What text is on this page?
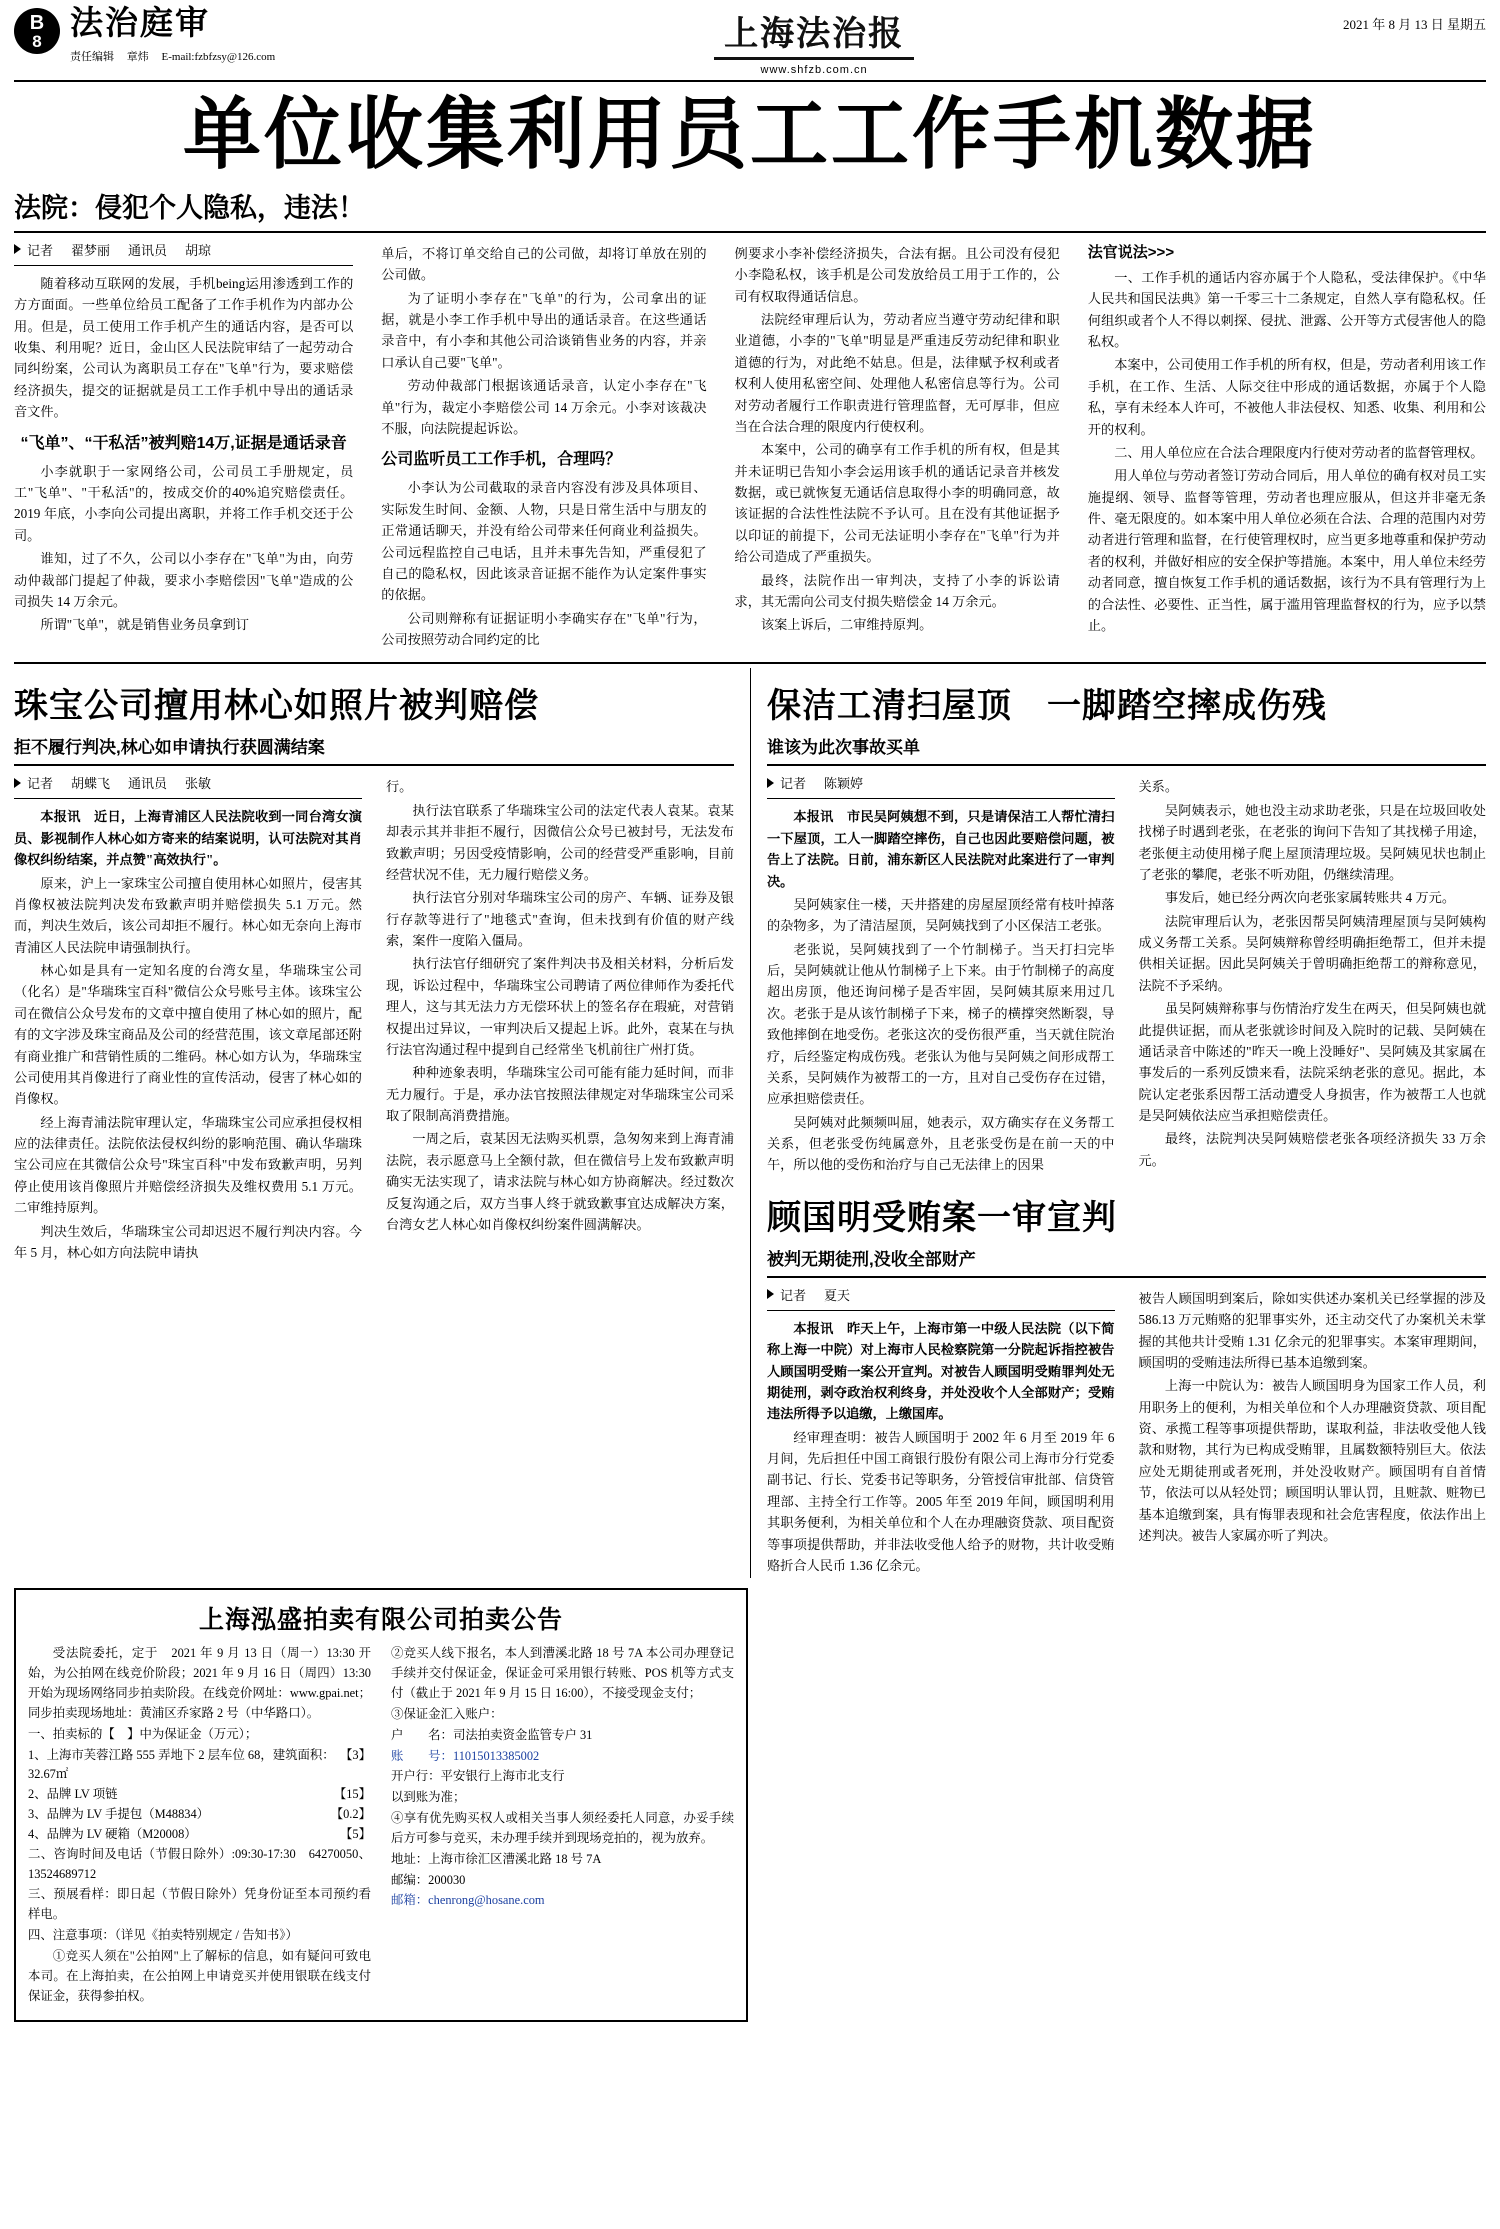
B
8 法治庭审
责任编辑 章炜 E-mail:fzbfzsy@126.com
上海法治报
www.shfzb.com.cn
2021 年 8 月 13 日 星期五
单位收集利用员工工作手机数据
法院：侵犯个人隐私，违法！
记者 翟梦丽 通讯员 胡琼

随着移动互联网的发展，手机being运用渗透到工作的方方面面。一些单位给员工配备了工作手机作为内部办公用。但是，员工使用工作手机产生的通话内容，是否可以收集、利用呢？近日，金山区人民法院审结了一起劳动合同纠纷案，公司认为离职员工存在"飞单"行为，要求赔偿经济损失，提交的证据就是员工工作手机中导出的通话录音文件。

“飞单”、“干私活”被判赔14万,证据是通话录音

小李就职于一家网络公司，公司员工手册规定，员工"飞单"、"干私活"的，按成交价的40%追究赔偿责任。2019 年底，小李向公司提出离职，并将工作手机交还于公司。

谁知，过了不久，公司以小李存在"飞单"为由，向劳动仲裁部门提起了仲裁，要求小李赔偿因"飞单"造成的公司损失 14 万余元。

所谓"飞单"，就是销售业务员拿到订

单后，不将订单交给自己的公司做，却将订单放在别的公司做。

为了证明小李存在"飞单"的行为，公司拿出的证据，就是小李工作手机中导出的通话录音。在这些通话录音中，有小李和其他公司洽谈销售业务的内容，并亲口承认自己要"飞单"。

劳动仲裁部门根据该通话录音，认定小李存在"飞单"行为，裁定小李赔偿公司 14 万余元。小李对该裁决不服，向法院提起诉讼。

公司监听员工工作手机，合理吗？

小李认为公司截取的录音内容没有涉及具体项目、实际发生时间、金额、人物，只是日常生活中与朋友的正常通话聊天，并没有给公司带来任何商业利益损失。公司远程监控自己电话，且并未事先告知，严重侵犯了自己的隐私权，因此该录音证据不能作为认定案件事实的依据。

公司则辩称有证据证明小李确实存在"飞单"行为，公司按照劳动合同约定的比

例要求小李补偿经济损失，合法有据。且公司没有侵犯小李隐私权，该手机是公司发放给员工用于工作的，公司有权取得通话信息。

法院经审理后认为，劳动者应当遵守劳动纪律和职业道德，小李的"飞单"明显是严重违反劳动纪律和职业道德的行为，对此绝不姑息。但是，法律赋予权利或者权利人使用私密空间、处理他人私密信息等行为。公司对劳动者履行工作职责进行管理监督，无可厚非，但应当在合法合理的限度内行使权利。

本案中，公司的确享有工作手机的所有权，但是其并未证明已告知小李会运用该手机的通话记录音并核发数据，或已就恢复无通话信息取得小李的明确同意，故该证据的合法性性法院不予认可。且在没有其他证据予以印证的前提下，公司无法证明小李存在"飞单"行为并给公司造成了严重损失。

最终，法院作出一审判决，支持了小李的诉讼请求，其无需向公司支付损失赔偿金 14 万余元。

该案上诉后，二审维持原判。

法官说法>>>

一、工作手机的通话内容亦属于个人隐私，受法律保护。《中华人民共和国民法典》第一千零三十二条规定，自然人享有隐私权。任何组织或者个人不得以刺探、侵扰、泄露、公开等方式侵害他人的隐私权。

本案中，公司使用工作手机的所有权，但是，劳动者利用该工作手机，在工作、生活、人际交往中形成的通话数据，亦属于个人隐私，享有未经本人许可，不被他人非法侵权、知悉、收集、利用和公开的权利。

二、用人单位应在合法合理限度内行使对劳动者的监督管理权。

用人单位与劳动者签订劳动合同后，用人单位的确有权对员工实施提纲、领导、监督等管理，劳动者也理应服从，但这并非毫无条件、毫无限度的。如本案中用人单位必须在合法、合理的范围内对劳动者进行管理和监督，在行使管理权时，应当更多地尊重和保护劳动者的权利，并做好相应的安全保护等措施。本案中，用人单位未经劳动者同意，擅自恢复工作手机的通话数据，该行为不具有管理行为上的合法性、必要性、正当性，属于滥用管理监督权的行为，应予以禁止。

珠宝公司擅用林心如照片被判赔偿
拒不履行判决,林心如申请执行获圆满结案
记者 胡蝶飞 通讯员 张敏

本报讯　近日，上海青浦区人民法院收到一同台湾女演员、影视制作人林心如方寄来的结案说明，认可法院对其肖像权纠纷结案，并点赞"高效执行"。

原来，沪上一家珠宝公司擅自使用林心如照片，侵害其肖像权被法院判决发布致歉声明并赔偿损失 5.1 万元。然而，判决生效后，该公司却拒不履行。林心如无奈向上海市青浦区人民法院申请强制执行。

林心如是具有一定知名度的台湾女星，华瑞珠宝公司（化名）是"华瑞珠宝百科"微信公众号账号主体。该珠宝公司在微信公众号发布的文章中擅自使用了林心如的照片，配有的文字涉及珠宝商品及公司的经营范围，该文章尾部还附有商业推广和营销性质的二维码。林心如方认为，华瑞珠宝公司使用其肖像进行了商业性的宣传活动，侵害了林心如的肖像权。

经上海青浦法院审理认定，华瑞珠宝公司应承担侵权相应的法律责任。法院依法侵权纠纷的影响范围、确认华瑞珠宝公司应在其微信公众号"珠宝百科"中发布致歉声明，另判停止使用该肖像照片并赔偿经济损失及维权费用 5.1 万元。二审维持原判。

判决生效后，华瑞珠宝公司却迟迟不履行判决内容。今年 5 月，林心如方向法院申请执

行。

执行法官联系了华瑞珠宝公司的法定代表人袁某。袁某却表示其并非拒不履行，因微信公众号已被封号，无法发布致歉声明；另因受疫情影响，公司的经营受严重影响，目前经营状况不佳，无力履行赔偿义务。

执行法官分别对华瑞珠宝公司的房产、车辆、证券及银行存款等进行了"地毯式"查询，但未找到有价值的财产线索，案件一度陷入僵局。

执行法官仔细研究了案件判决书及相关材料，分析后发现，诉讼过程中，华瑞珠宝公司聘请了两位律师作为委托代理人，这与其无法力方无偿环状上的签名存在瑕疵，对营销权提出过异议，一审判决后又提起上诉。此外，袁某在与执行法官沟通过程中提到自己经常坐飞机前往广州打货。

种种迹象表明，华瑞珠宝公司可能有能力延时间，而非无力履行。于是，承办法官按照法律规定对华瑞珠宝公司采取了限制高消费措施。

一周之后，袁某因无法购买机票，急匆匆来到上海青浦法院，表示愿意马上全额付款，但在微信号上发布致歉声明确实无法实现了，请求法院与林心如方协商解决。经过数次反复沟通之后，双方当事人终于就致歉事宜达成解决方案，台湾女艺人林心如肖像权纠纷案件圆满解决。

保洁工清扫屋顶　一脚踏空摔成伤残
谁该为此次事故买单
记者 陈颖婷

本报讯　市民吴阿姨想不到，只是请保洁工人帮忙清扫一下屋顶，工人一脚踏空摔伤，自己也因此要赔偿问题，被告上了法院。日前，浦东新区人民法院对此案进行了一审判决。

吴阿姨家住一楼，天井搭建的房屋屋顶经常有枝叶掉落的杂物多，为了清洁屋顶，吴阿姨找到了小区保洁工老张。

老张说，吴阿姨找到了一个竹制梯子。当天打扫完毕后，吴阿姨就让他从竹制梯子上下来。由于竹制梯子的高度超出房顶，他还询问梯子是否牢固，吴阿姨其原来用过几次。老张于是从该竹制梯子下来，梯子的横撑突然断裂，导致他摔倒在地受伤。老张这次的受伤很严重，当天就住院治疗，后经鉴定构成伤残。老张认为他与吴阿姨之间形成帮工关系，吴阿姨作为被帮工的一方，且对自己受伤存在过错，应承担赔偿责任。

吴阿姨对此频频叫屈，她表示，双方确实存在义务帮工关系，但老张受伤纯属意外，且老张受伤是在前一天的中午，所以他的受伤和治疗与自己无法律上的因果

关系。

吴阿姨表示，她也没主动求助老张，只是在垃圾回收处找梯子时遇到老张，在老张的询问下告知了其找梯子用途，老张便主动使用梯子爬上屋顶清理垃圾。吴阿姨见状也制止了老张的攀爬，老张不听劝阻，仍继续清理。

事发后，她已经分两次向老张家属转账共 4 万元。

法院审理后认为，老张因帮吴阿姨清理屋顶与吴阿姨构成义务帮工关系。吴阿姨辩称曾经明确拒绝帮工，但并未提供相关证据。因此吴阿姨关于曾明确拒绝帮工的辩称意见，法院不予采纳。

虽吴阿姨辩称事与伤情治疗发生在两天，但吴阿姨也就此提供证据，而从老张就诊时间及入院时的记载、吴阿姨在通话录音中陈述的"昨天一晚上没睡好"、吴阿姨及其家属在事发后的一系列反馈来看，法院采纳老张的意见。据此，本院认定老张系因帮工活动遭受人身损害，作为被帮工人也就是吴阿姨依法应当承担赔偿责任。

最终，法院判决吴阿姨赔偿老张各项经济损失 33 万余元。

顾国明受贿案一审宣判
被判无期徒刑,没收全部财产
记者 夏天

本报讯　昨天上午，上海市第一中级人民法院（以下简称上海一中院）对上海市人民检察院第一分院起诉指控被告人顾国明受贿一案公开宣判。对被告人顾国明受贿罪判处无期徒刑，剥夺政治权利终身，并处没收个人全部财产；受贿违法所得予以追缴，上缴国库。

经审理查明：被告人顾国明于 2002 年 6 月至 2019 年 6 月间，先后担任中国工商银行股份有限公司上海市分行党委副书记、行长、党委书记等职务，分管授信审批部、信贷管理部、主持全行工作等。2005 年至 2019 年间，顾国明利用其职务便利，为相关单位和个人在办理融资贷款、项目配资等事项提供帮助，并非法收受他人给予的财物，共计收受贿赂折合人民币 1.36 亿余元。

被告人顾国明到案后，除如实供述办案机关已经掌握的涉及 586.13 万元贿赂的犯罪事实外，还主动交代了办案机关未掌握的其他共计受贿 1.31 亿余元的犯罪事实。本案审理期间，顾国明的受贿违法所得已基本追缴到案。

上海一中院认为：被告人顾国明身为国家工作人员，利用职务上的便利，为相关单位和个人办理融资贷款、项目配资、承揽工程等事项提供帮助，谋取利益，非法收受他人钱款和财物，其行为已构成受贿罪，且属数额特别巨大。依法应处无期徒刑或者死刑，并处没收财产。顾国明有自首情节，依法可以从轻处罚；顾国明认罪认罚，且赃款、赃物已基本追缴到案，具有悔罪表现和社会危害程度，依法作出上述判决。被告人家属亦听了判决。

上海泓盛拍卖有限公司拍卖公告

受法院委托，定于　2021 年 9 月 13 日（周一）13:30 开始，为公拍网在线竞价阶段；2021 年 9 月 16 日（周四）13:30 开始为现场网络同步拍卖阶段。在线竞价网址：www.gpai.net；同步拍卖现场地址：黄浦区乔家路 2 号（中华路口）。

一、拍卖标的【　】中为保证金（万元）；

1、上海市芙蓉江路 555 弄地下 2 层车位 68，建筑面积：32.67㎡
【3】
2、品牌 LV 项链	【15】
3、品牌为 LV 手提包（M48834）	【0.2】
4、品牌为 LV 硬箱（M20008）	【5】

二、咨询时间及电话（节假日除外）:09:30-17:30　64270050、13524689712

三、预展看样：即日起（节假日除外）凭身份证至本司预约看样电。

四、注意事项：（详见《拍卖特别规定 / 告知书》）

①竞买人须在"公拍网"上了解标的信息，如有疑问可致电本司。在上海拍卖，在公拍网上申请竞买并使用银联在线支付保证金，获得参拍权。

②竞买人线下报名，本人到漕溪北路 18 号 7A 本公司办理登记手续并交付保证金，保证金可采用银行转账、POS 机等方式支付（截止于 2021 年 9 月 15 日 16:00），不接受现金支付；

③保证金汇入账户：

户　　名：司法拍卖资金监管专户 31

账　　号：11015013385002

开户行：平安银行上海市北支行

以到账为准；

④享有优先购买权人或相关当事人须经委托人同意，办妥手续后方可参与竞买，未办理手续并到现场竞拍的，视为放弃。

地址：上海市徐汇区漕溪北路 18 号 7A

邮编：200030

邮箱：chenrong@hosane.com
